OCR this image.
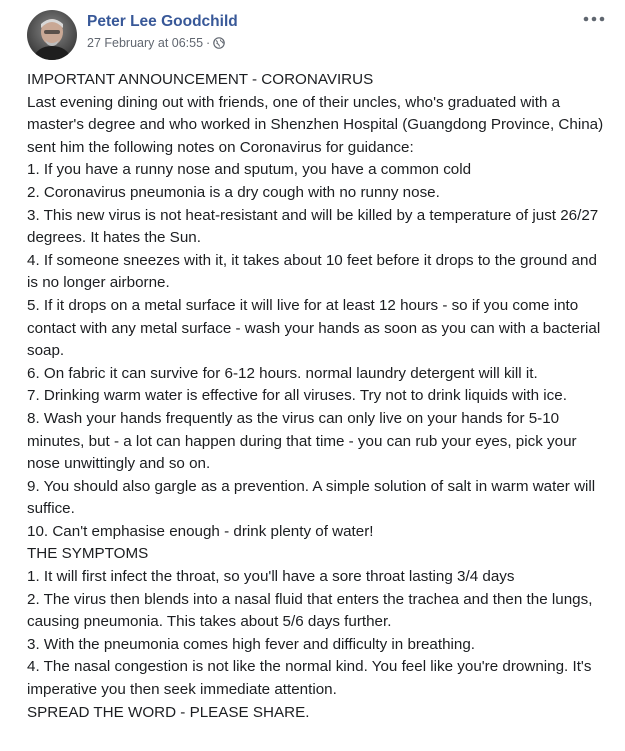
Peter Lee Goodchild
27 February at 06:55 ·

IMPORTANT ANNOUNCEMENT - CORONAVIRUS

Last evening dining out with friends, one of their uncles, who's graduated with a master's degree and who worked in Shenzhen Hospital (Guangdong Province, China) sent him the following notes on Coronavirus for guidance:

1. If you have a runny nose and sputum, you have a common cold

2. Coronavirus pneumonia is a dry cough with no runny nose.

3. This new virus is not heat-resistant and will be killed by a temperature of just 26/27 degrees. It hates the Sun.

4. If someone sneezes with it, it takes about 10 feet before it drops to the ground and is no longer airborne.

5. If it drops on a metal surface it will live for at least 12 hours - so if you come into contact with any metal surface - wash your hands as soon as you can with a bacterial soap.

6. On fabric it can survive for 6-12 hours. normal laundry detergent will kill it.

7. Drinking warm water is effective for all viruses. Try not to drink liquids with ice.

8. Wash your hands frequently as the virus can only live on your hands for 5-10 minutes, but - a lot can happen during that time - you can rub your eyes, pick your nose unwittingly and so on.

9. You should also gargle as a prevention. A simple solution of salt in warm water will suffice.

10. Can't emphasise enough - drink plenty of water!

THE SYMPTOMS

1. It will first infect the throat, so you'll have a sore throat lasting 3/4 days

2. The virus then blends into a nasal fluid that enters the trachea and then the lungs, causing pneumonia. This takes about 5/6 days further.

3. With the pneumonia comes high fever and difficulty in breathing.

4. The nasal congestion is not like the normal kind. You feel like you're drowning. It's imperative you then seek immediate attention.

SPREAD THE WORD - PLEASE SHARE.
